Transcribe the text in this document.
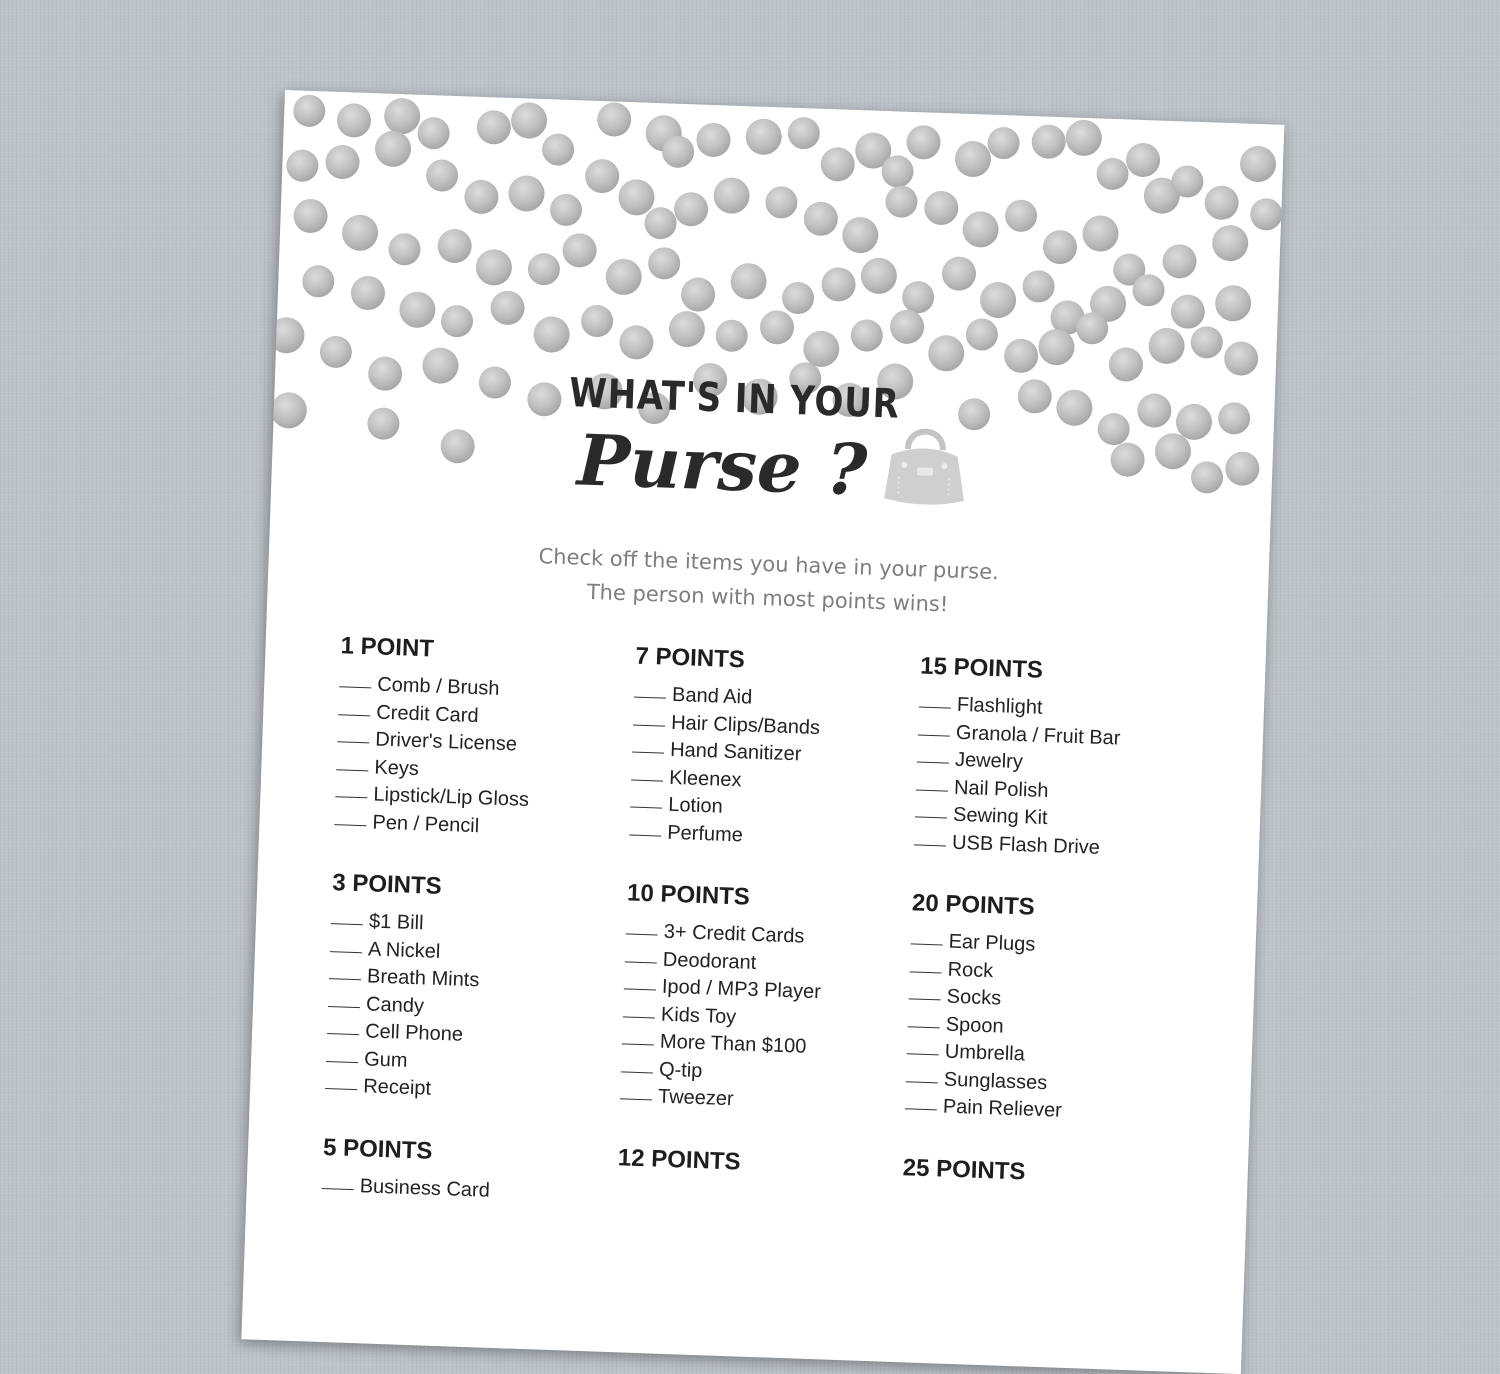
WHAT'S IN YOUR
Purse ?
Check off the items you have in your purse.
The person with most points wins!
1 POINT
Comb / Brush
Credit Card
Driver's License
Keys
Lipstick/Lip Gloss
Pen / Pencil
3 POINTS
$1 Bill
A Nickel
Breath Mints
Candy
Cell Phone
Gum
Receipt
5 POINTS
Business Card
7 POINTS
Band Aid
Hair Clips/Bands
Hand Sanitizer
Kleenex
Lotion
Perfume
10 POINTS
3+ Credit Cards
Deodorant
Ipod / MP3 Player
Kids Toy
More Than $100
Q-tip
Tweezer
12 POINTS
15 POINTS
Flashlight
Granola / Fruit Bar
Jewelry
Nail Polish
Sewing Kit
USB Flash Drive
20 POINTS
Ear Plugs
Rock
Socks
Spoon
Umbrella
Sunglasses
Pain Reliever
25 POINTS
